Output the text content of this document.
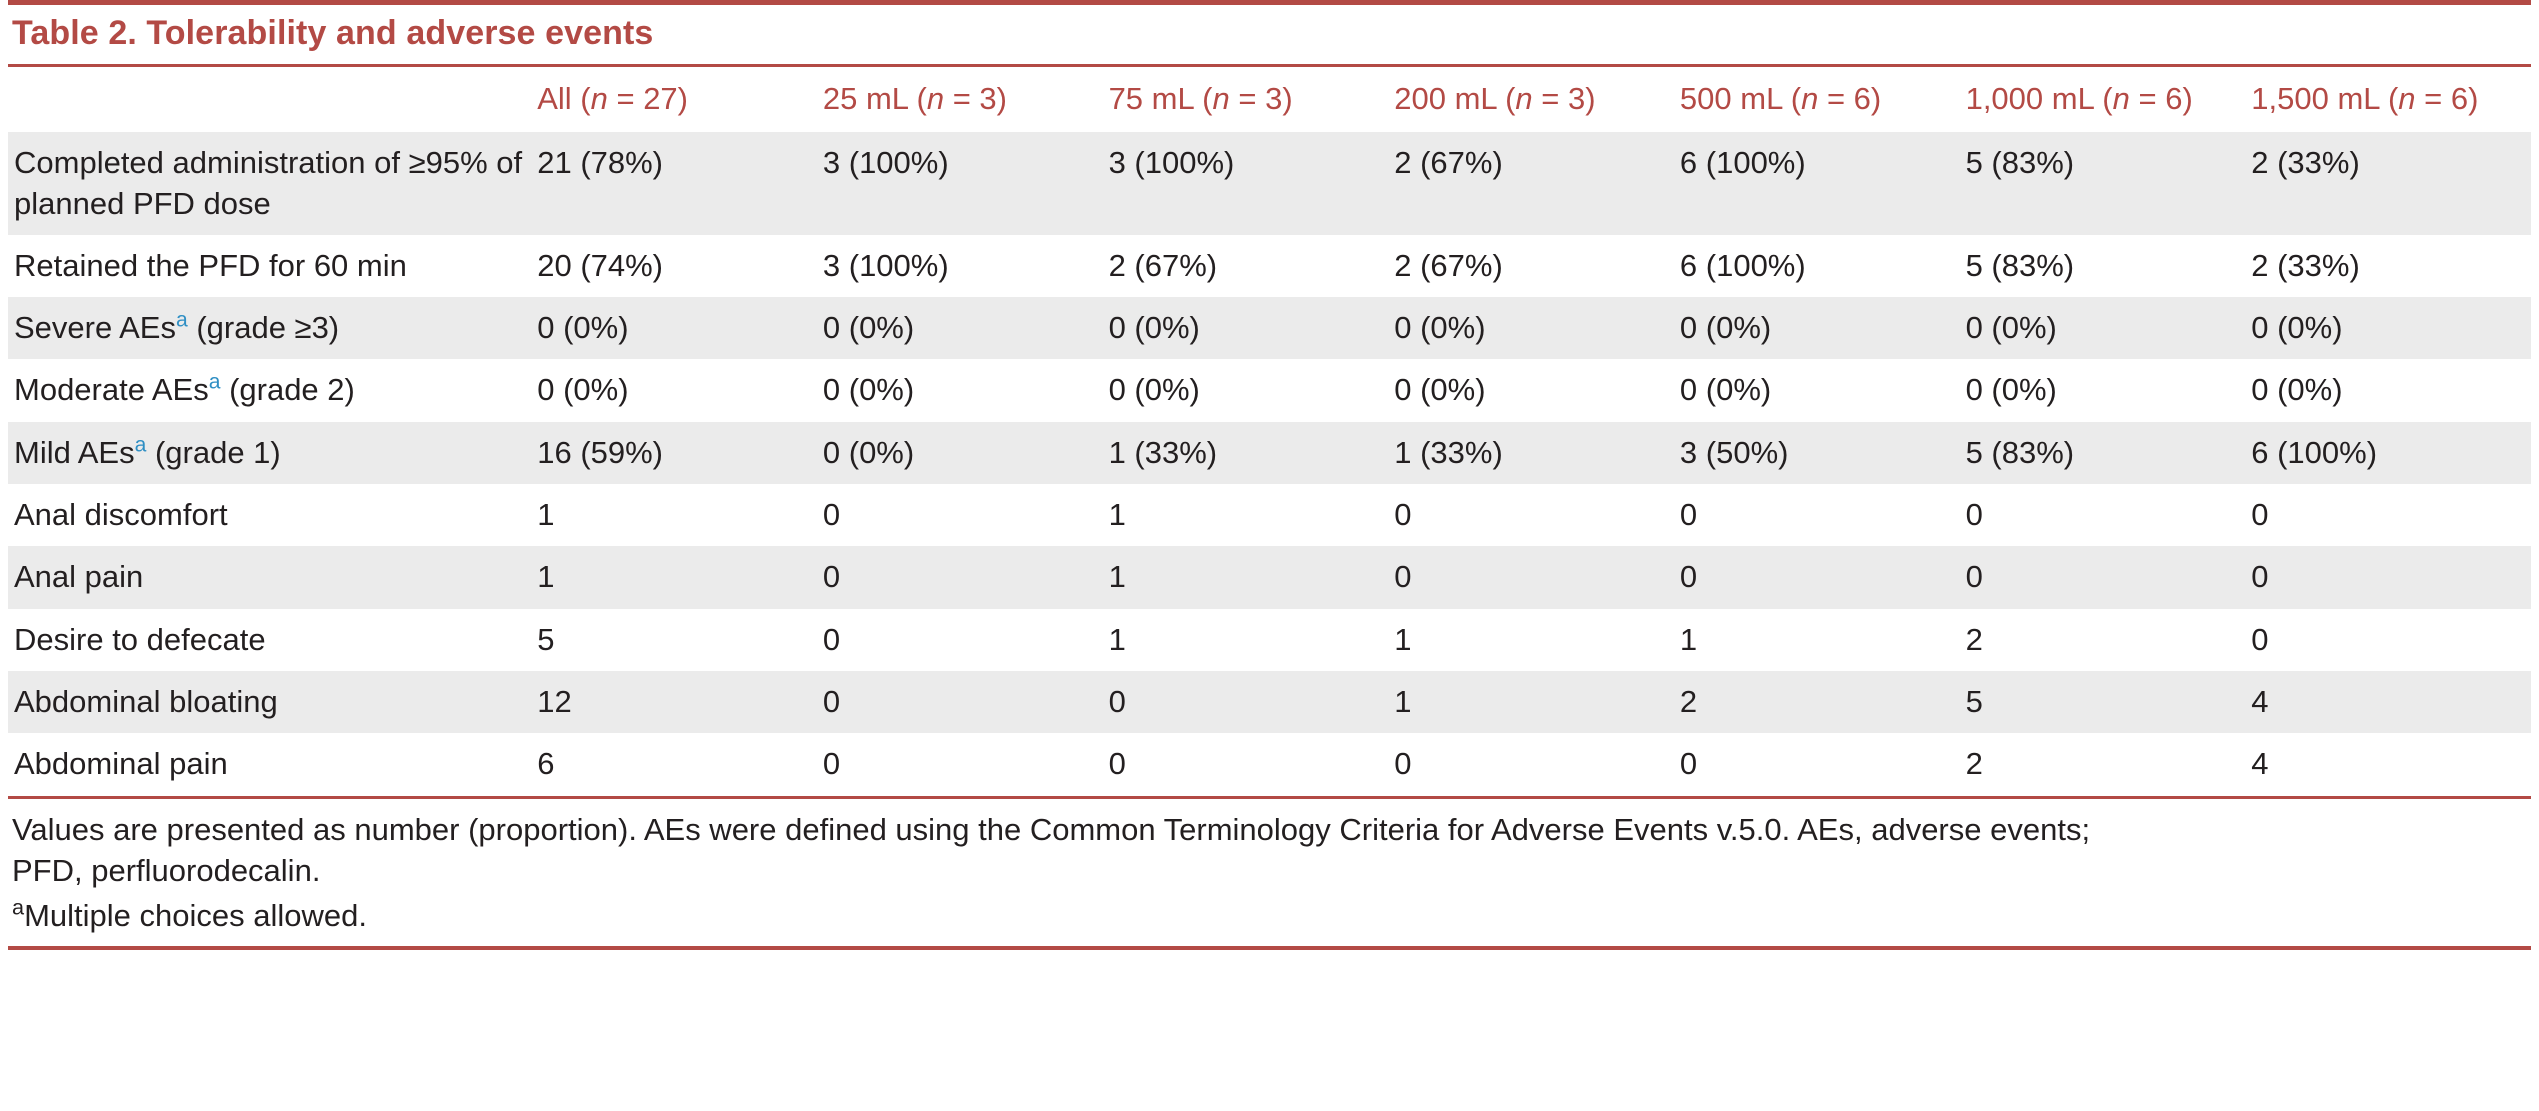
Table 2. Tolerability and adverse events
	All (n = 27)	25 mL (n = 3)	75 mL (n = 3)	200 mL (n = 3)	500 mL (n = 6)	1,000 mL (n = 6)	1,500 mL (n = 6)
Completed administration of ≥95% of planned PFD dose	21 (78%)	3 (100%)	3 (100%)	2 (67%)	6 (100%)	5 (83%)	2 (33%)
Retained the PFD for 60 min	20 (74%)	3 (100%)	2 (67%)	2 (67%)	6 (100%)	5 (83%)	2 (33%)
Severe AEs$^a$ (grade ≥3)	0 (0%)	0 (0%)	0 (0%)	0 (0%)	0 (0%)	0 (0%)	0 (0%)
Moderate AEs$^a$ (grade 2)	0 (0%)	0 (0%)	0 (0%)	0 (0%)	0 (0%)	0 (0%)	0 (0%)
Mild AEs$^a$ (grade 1)	16 (59%)	0 (0%)	1 (33%)	1 (33%)	3 (50%)	5 (83%)	6 (100%)
Anal discomfort	1	0	1	0	0	0	0
Anal pain	1	0	1	0	0	0	0
Desire to defecate	5	0	1	1	1	2	0
Abdominal bloating	12	0	0	1	2	5	4
Abdominal pain	6	0	0	0	0	2	4

Values are presented as number (proportion). AEs were defined using the Common Terminology Criteria for Adverse Events v.5.0. AEs, adverse events;

PFD, perfluorodecalin.

$^a$Multiple choices allowed.
